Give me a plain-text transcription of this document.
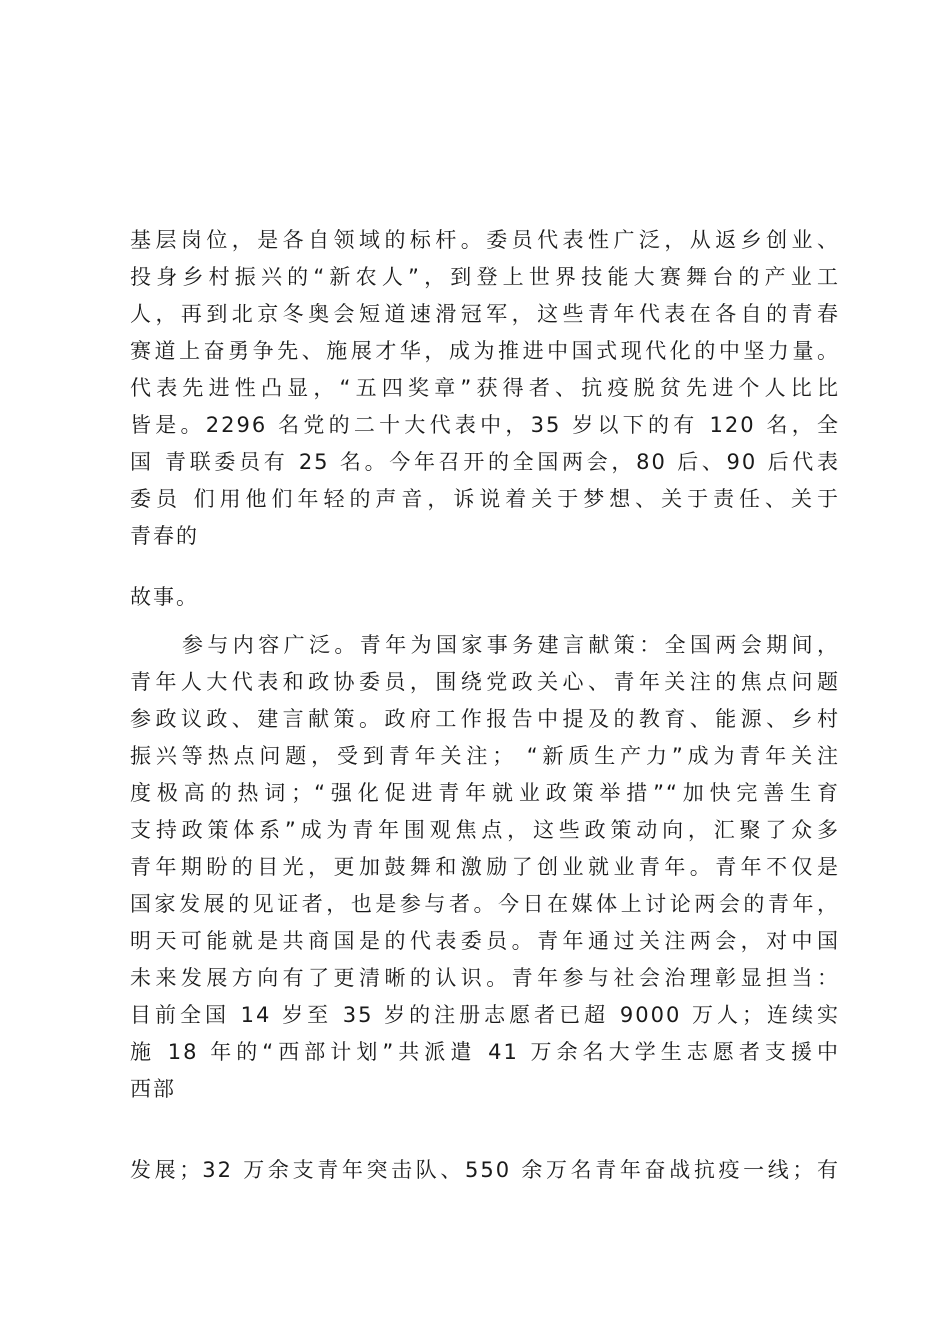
基层岗位，是各自领域的标杆。委员代表性广泛，从返乡创业、
投身乡村振兴的“新农人”，到登上世界技能大赛舞台的产业工
人，再到北京冬奥会短道速滑冠军，这些青年代表在各自的青春
赛道上奋勇争先、施展才华，成为推进中国式现代化的中坚力量。
代表先进性凸显，“五四奖章”获得者、抗疫脱贫先进个人比比
皆是。2296 名党的二十大代表中，35 岁以下的有 120 名，全
国 青联委员有 25 名。今年召开的全国两会，80 后、90 后代表
委员 们用他们年轻的声音，诉说着关于梦想、关于责任、关于
青春的
故事。
参与内容广泛。青年为国家事务建言献策：全国两会期间，
青年人大代表和政协委员，围绕党政关心、青年关注的焦点问题
参政议政、建言献策。政府工作报告中提及的教育、能源、乡村
振兴等热点问题，受到青年关注； “新质生产力”成为青年关注
度极高的热词；“强化促进青年就业政策举措”“加快完善生育
支持政策体系”成为青年围观焦点，这些政策动向，汇聚了众多
青年期盼的目光，更加鼓舞和激励了创业就业青年。青年不仅是
国家发展的见证者，也是参与者。今日在媒体上讨论两会的青年，
明天可能就是共商国是的代表委员。青年通过关注两会，对中国
未来发展方向有了更清晰的认识。青年参与社会治理彰显担当：
目前全国 14 岁至 35 岁的注册志愿者已超 9000 万人；连续实
施 18 年的“西部计划”共派遣 41 万余名大学生志愿者支援中
西部
发展；32 万余支青年突击队、550 余万名青年奋战抗疫一线；有
